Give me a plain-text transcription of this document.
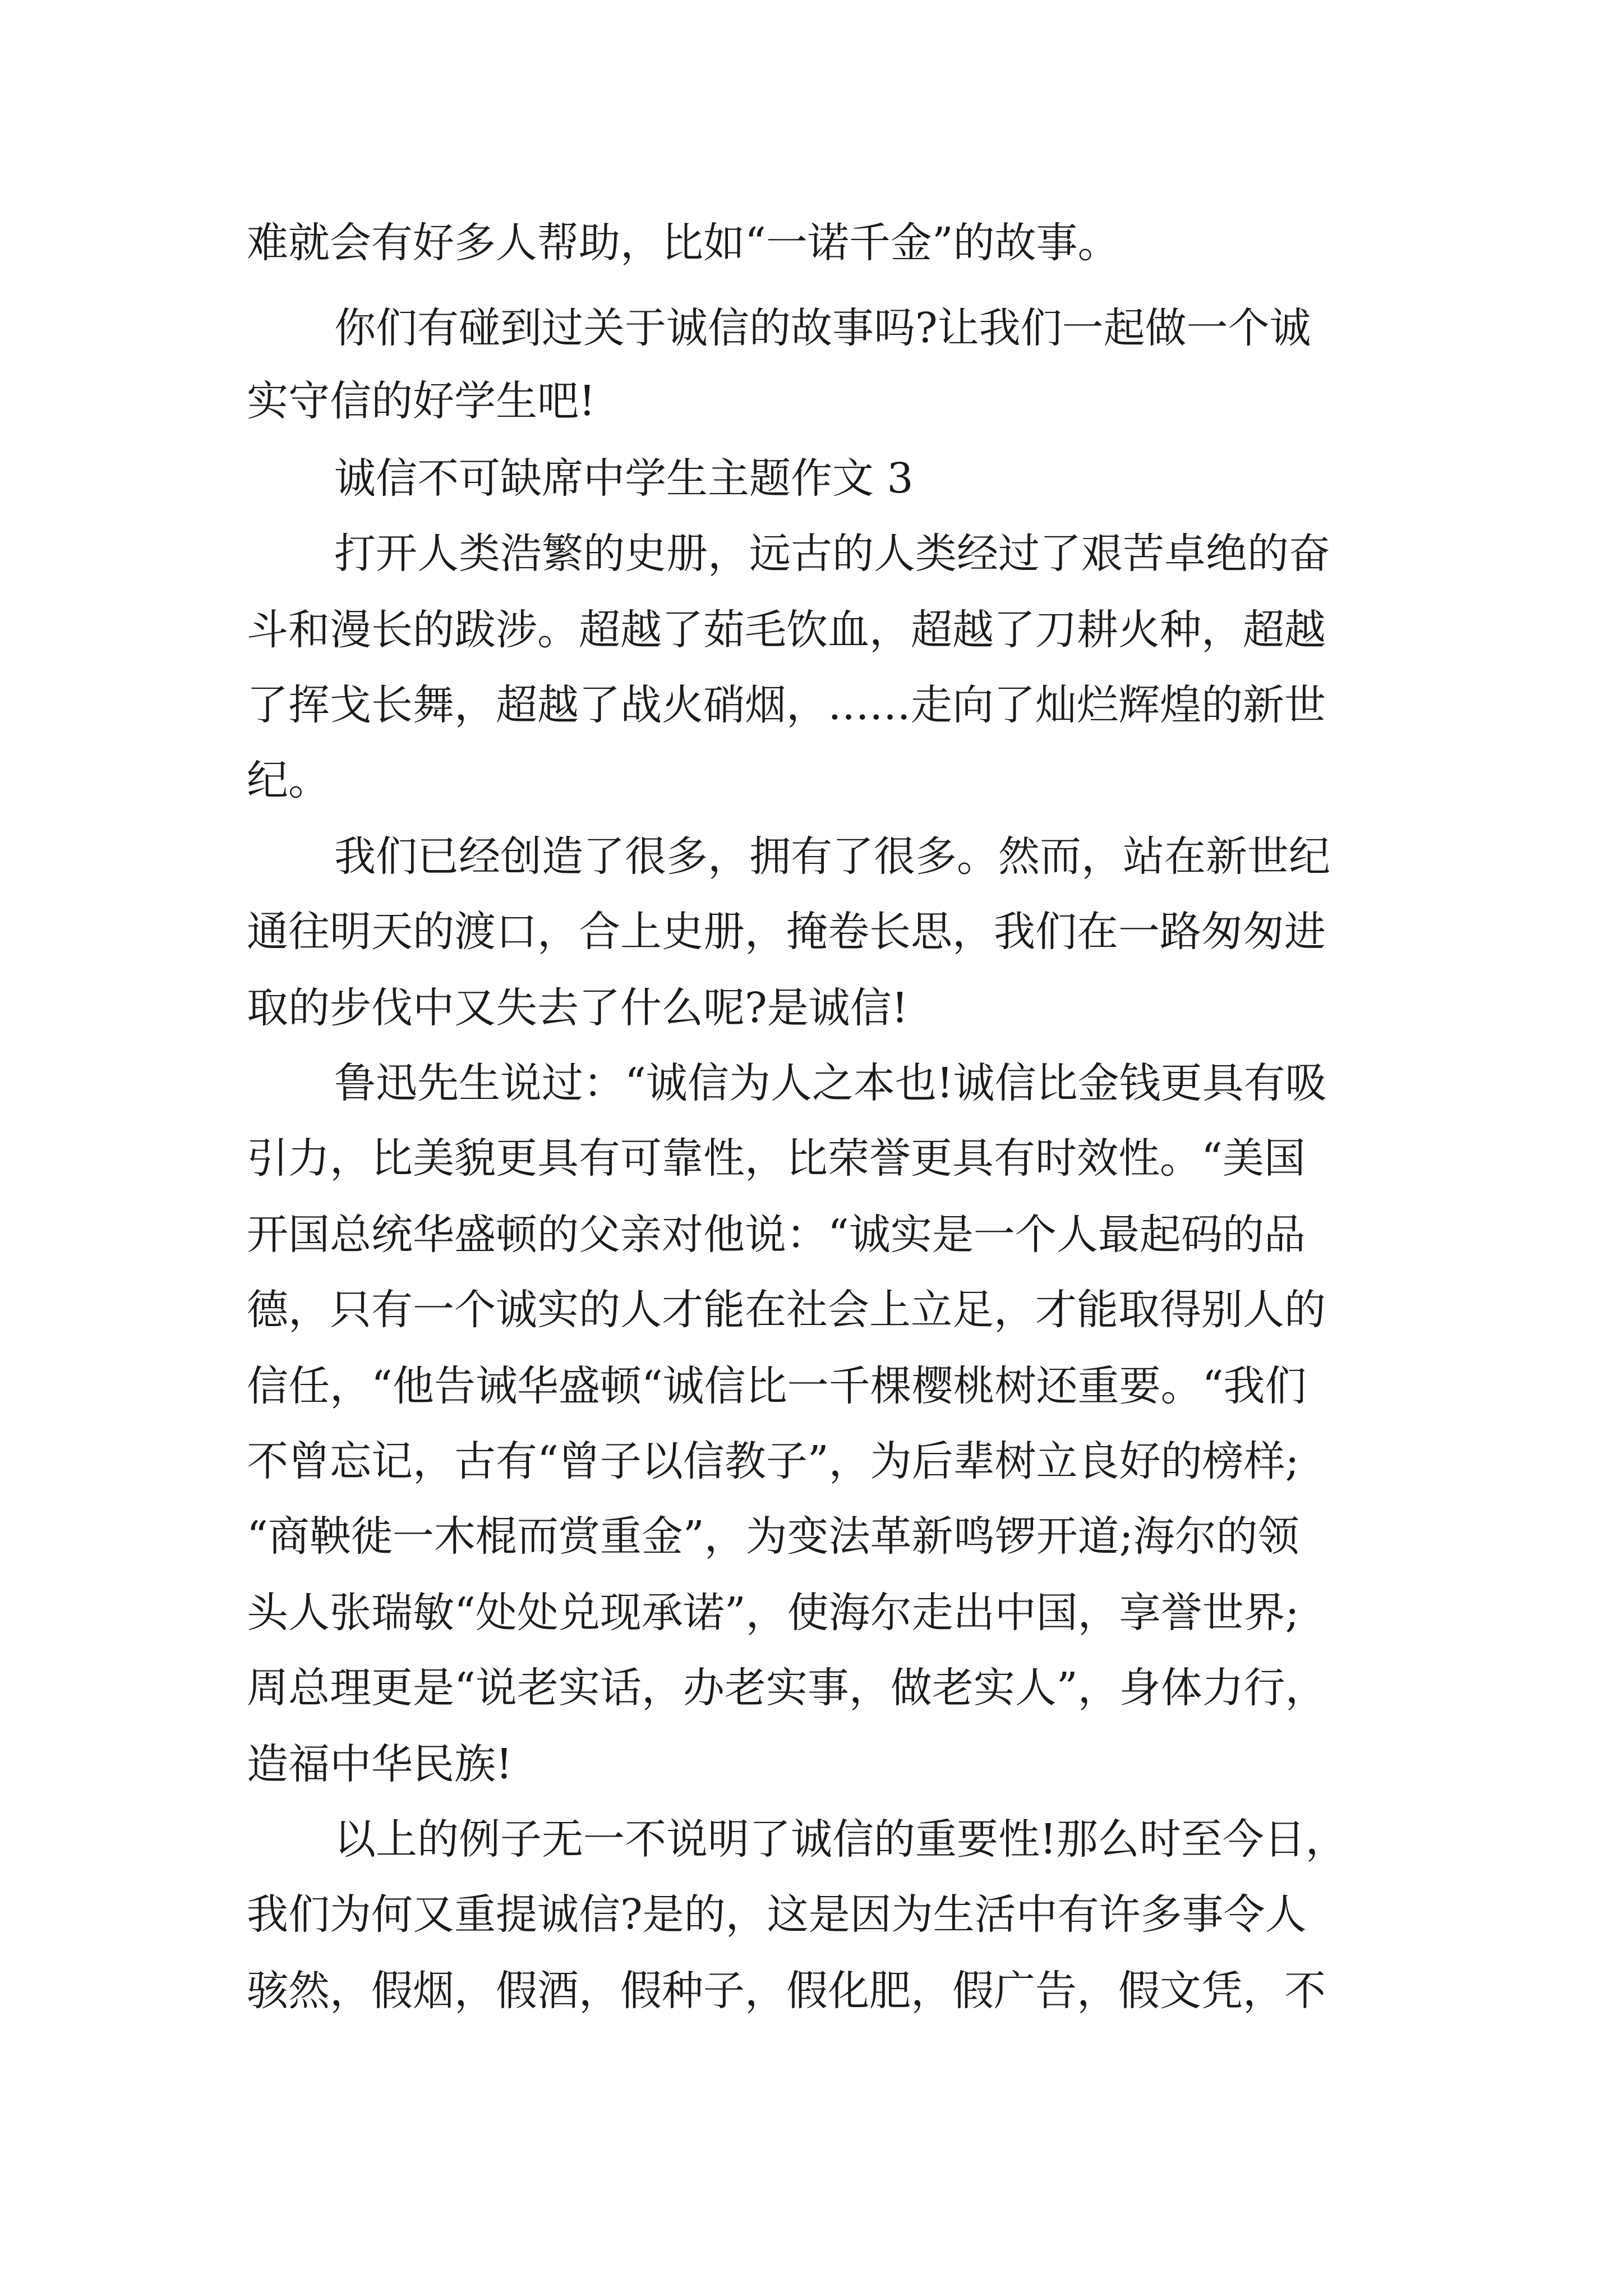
难就会有好多人帮助，比如“一诺千金”的故事。

你们有碰到过关于诚信的故事吗?让我们一起做一个诚

实守信的好学生吧!

诚信不可缺席中学生主题作文 3

打开人类浩繁的史册，远古的人类经过了艰苦卓绝的奋

斗和漫长的跋涉。超越了茹毛饮血，超越了刀耕火种，超越

了挥戈长舞，超越了战火硝烟，……走向了灿烂辉煌的新世

纪。

我们已经创造了很多，拥有了很多。然而，站在新世纪

通往明天的渡口，合上史册，掩卷长思，我们在一路匆匆进

取的步伐中又失去了什么呢?是诚信!

鲁迅先生说过：“诚信为人之本也!诚信比金钱更具有吸

引力，比美貌更具有可靠性，比荣誉更具有时效性。“美国

开国总统华盛顿的父亲对他说：“诚实是一个人最起码的品

德，只有一个诚实的人才能在社会上立足，才能取得别人的

信任，“他告诫华盛顿“诚信比一千棵樱桃树还重要。“我们

不曾忘记，古有“曾子以信教子”，为后辈树立良好的榜样;

“商鞅徙一木棍而赏重金”，为变法革新鸣锣开道;海尔的领

头人张瑞敏“处处兑现承诺”，使海尔走出中国，享誉世界;

周总理更是“说老实话，办老实事，做老实人”，身体力行，

造福中华民族!

以上的例子无一不说明了诚信的重要性!那么时至今日，

我们为何又重提诚信?是的，这是因为生活中有许多事令人

骇然，假烟，假酒，假种子，假化肥，假广告，假文凭，不
